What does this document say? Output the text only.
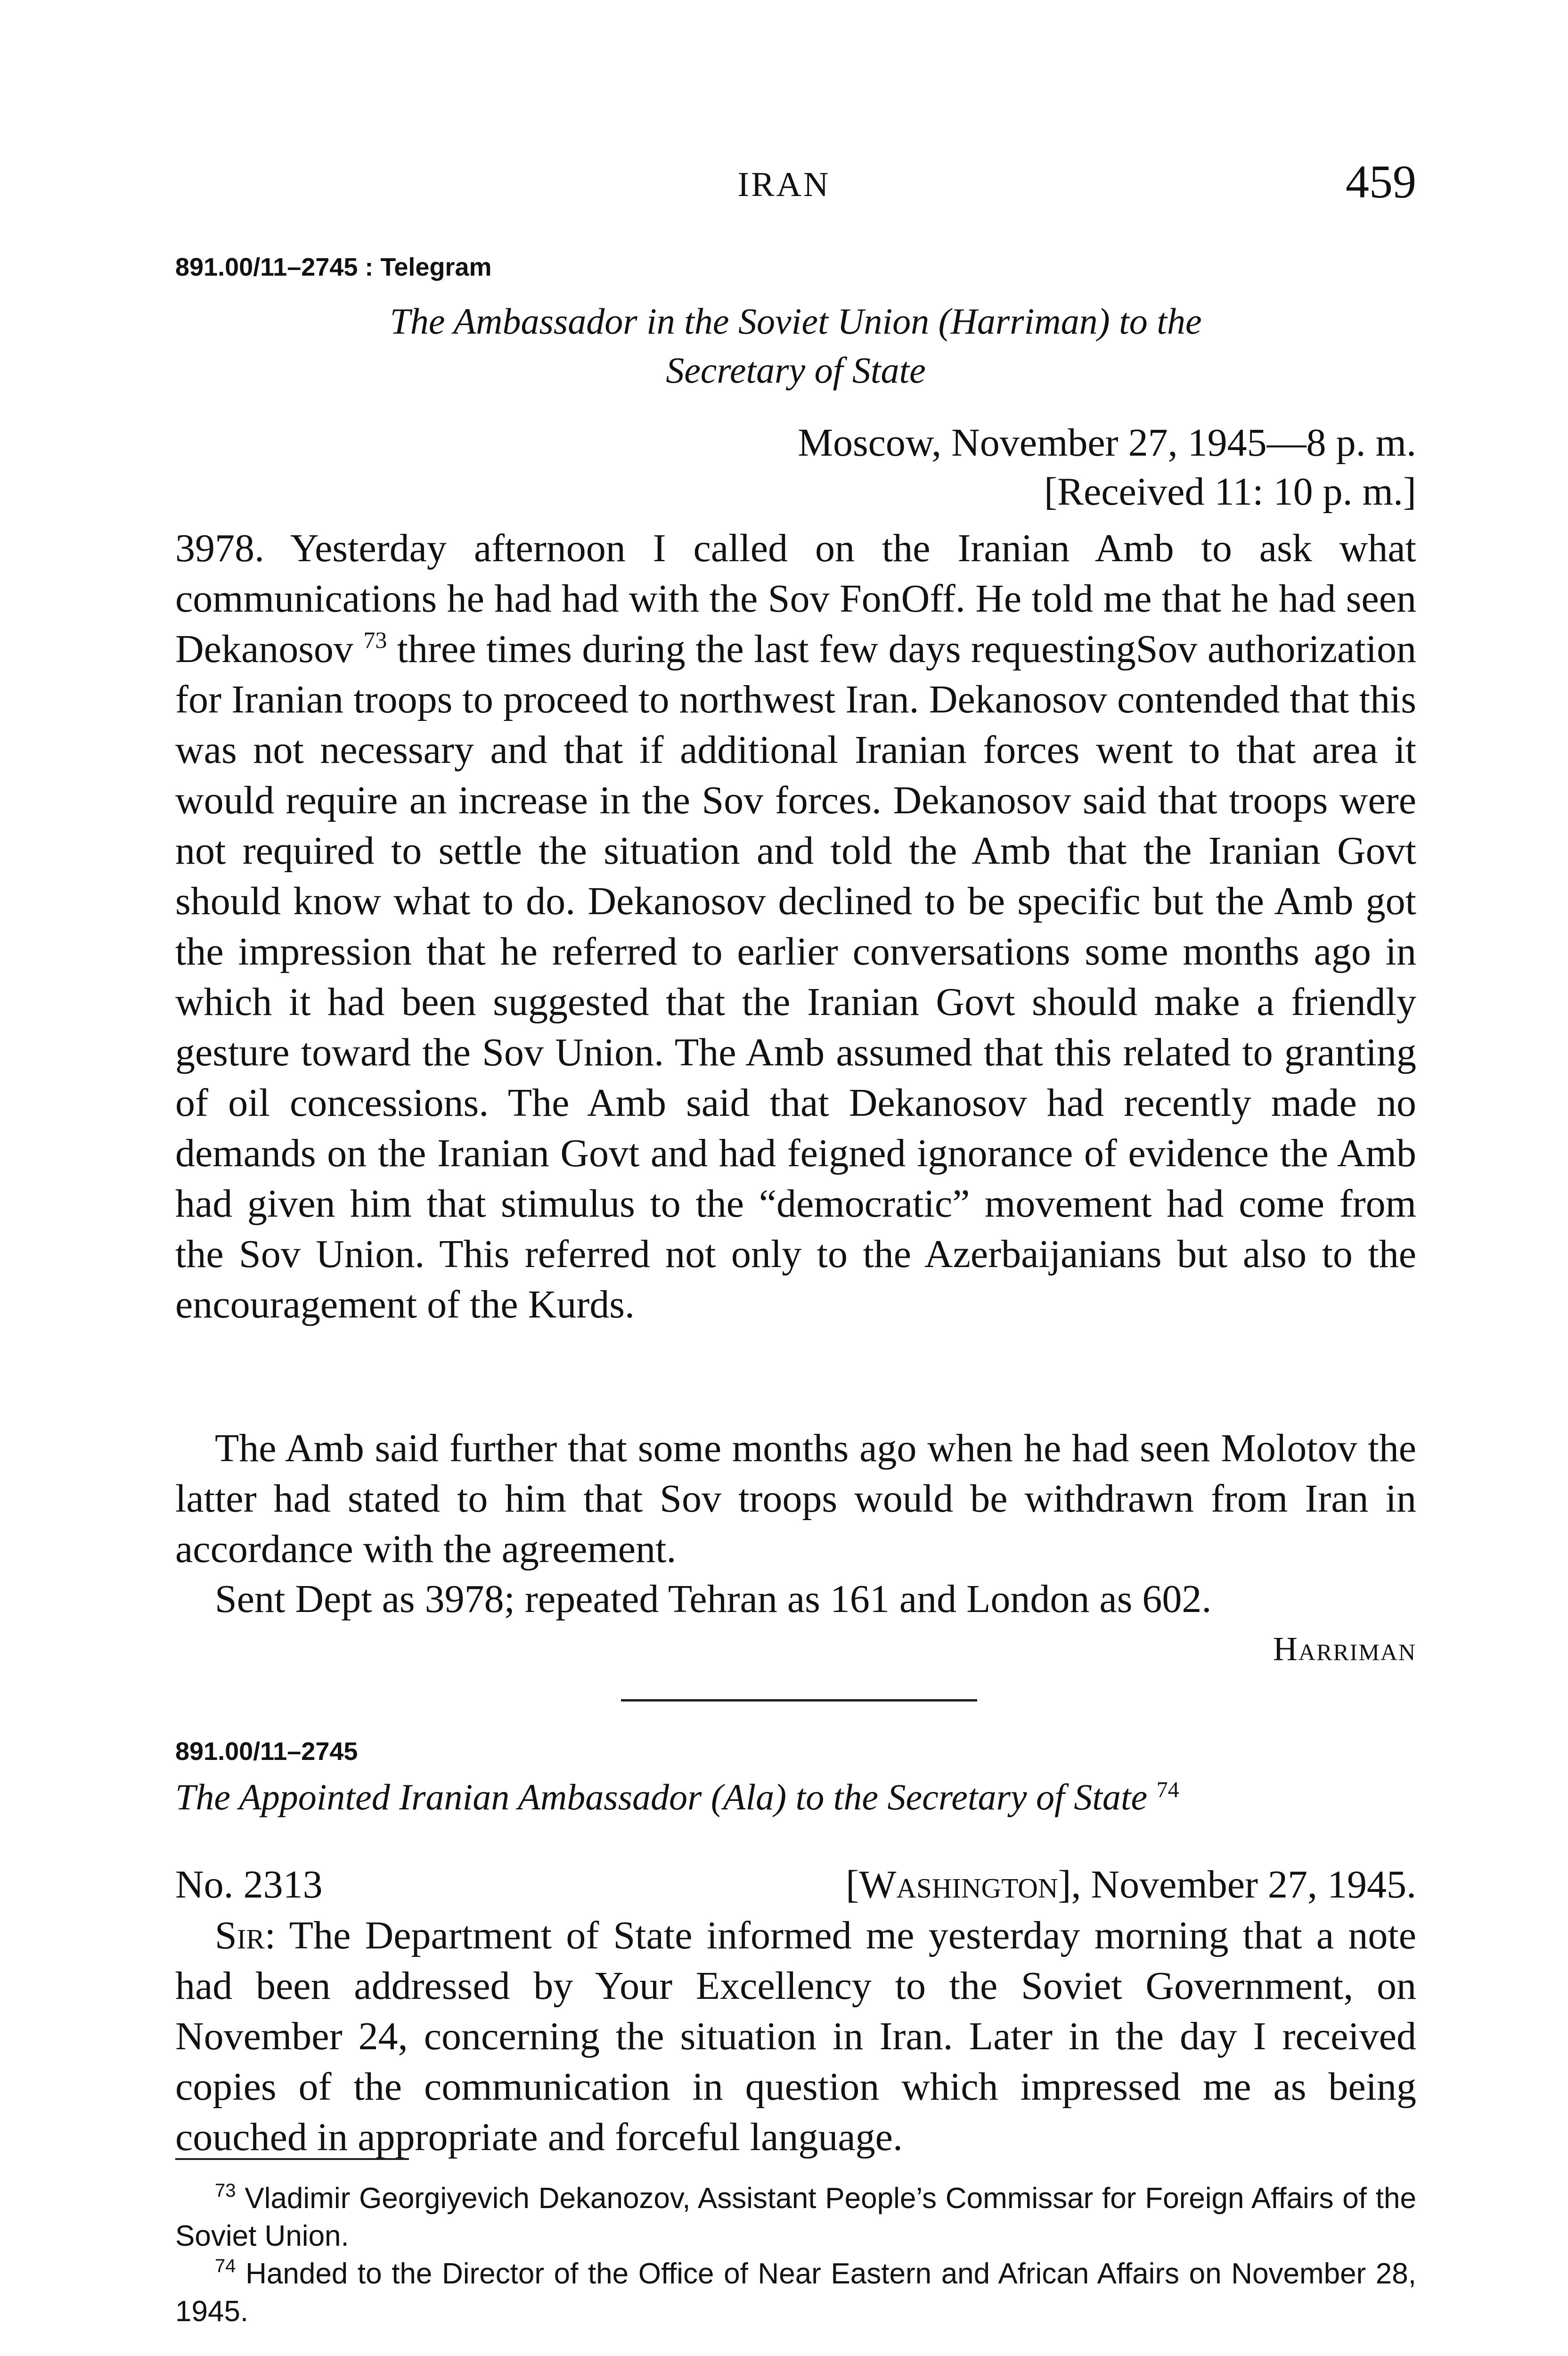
IRAN	459
891.00/11–2745 : Telegram
The Ambassador in the Soviet Union (Harriman) to the
Secretary of State
Moscow, November 27, 1945—8 p. m.
[Received 11: 10 p. m.]
3978. Yesterday afternoon I called on the Iranian Amb to ask what communications he had had with the Sov FonOff. He told me that he had seen Dekanosov $^{73}$ three times during the last few days requestingSov authorization for Iranian troops to proceed to northwest Iran. Dekanosov contended that this was not necessary and that if additional Iranian forces went to that area it would require an increase in the Sov forces. Dekanosov said that troops were not required to settle the situation and told the Amb that the Iranian Govt should know what to do. Dekanosov declined to be specific but the Amb got the impression that he referred to earlier conversations some months ago in which it had been suggested that the Iranian Govt should make a friendly gesture toward the Sov Union. The Amb assumed that this related to granting of oil concessions. The Amb said that Dekanosov had recently made no demands on the Iranian Govt and had feigned ignorance of evidence the Amb had given him that stimulus to the “democratic” movement had come from the Sov Union. This referred not only to the Azerbaijanians but also to the encouragement of the Kurds.
The Amb said further that some months ago when he had seen Molotov the latter had stated to him that Sov troops would be withdrawn from Iran in accordance with the agreement.
Sent Dept as 3978; repeated Tehran as 161 and London as 602.
Harriman
891.00/11–2745
The Appointed Iranian Ambassador (Ala) to the Secretary of State $^{74}$
No. 2313	[Washington], November 27, 1945.
Sir: The Department of State informed me yesterday morning that a note had been addressed by Your Excellency to the Soviet Government, on November 24, concerning the situation in Iran. Later in the day I received copies of the communication in question which impressed me as being couched in appropriate and forceful language.

$^{73}$ Vladimir Georgiyevich Dekanozov, Assistant People’s Commissar for Foreign Affairs of the Soviet Union.

$^{74}$ Handed to the Director of the Office of Near Eastern and African Affairs on November 28, 1945.
